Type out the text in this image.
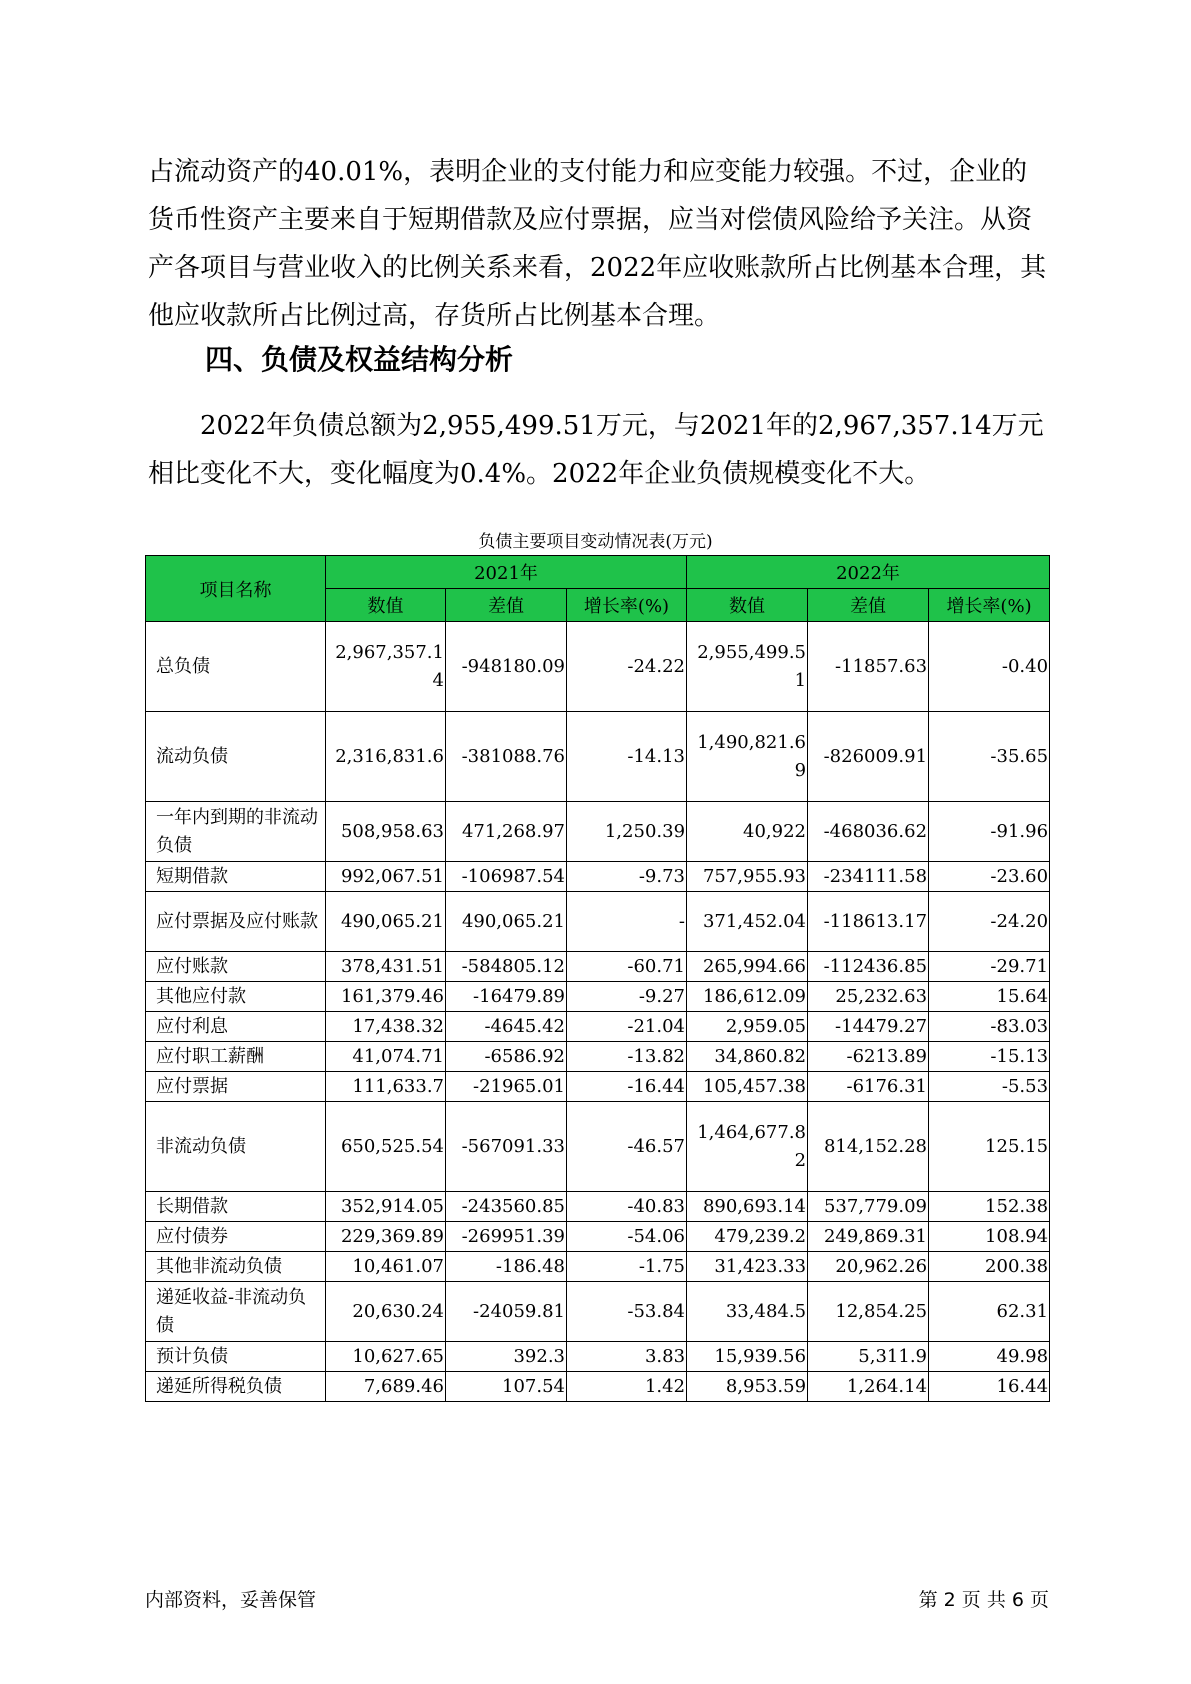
占流动资产的40.01%，表明企业的支付能力和应变能力较强。不过，企业的货币性资产主要来自于短期借款及应付票据，应当对偿债风险给予关注。从资产各项目与营业收入的比例关系来看，2022年应收账款所占比例基本合理，其他应收款所占比例过高，存货所占比例基本合理。

四、负债及权益结构分析

2022年负债总额为2,955,499.51万元，与2021年的2,967,357.14万元相比变化不大，变化幅度为0.4%。2022年企业负债规模变化不大。

负债主要项目变动情况表(万元)

项目名称	2021年			2022年		
	数值	差值	增长率(%)	数值	差值	增长率(%)
总负债	2,967,357.14	-948180.09	-24.22	2,955,499.51	-11857.63	-0.40
流动负债	2,316,831.6	-381088.76	-14.13	1,490,821.69	-826009.91	-35.65
一年内到期的非流动负债	508,958.63	471,268.97	1,250.39	40,922	-468036.62	-91.96
短期借款	992,067.51	-106987.54	-9.73	757,955.93	-234111.58	-23.60
应付票据及应付账款	490,065.21	490,065.21	-	371,452.04	-118613.17	-24.20
应付账款	378,431.51	-584805.12	-60.71	265,994.66	-112436.85	-29.71
其他应付款	161,379.46	-16479.89	-9.27	186,612.09	25,232.63	15.64
应付利息	17,438.32	-4645.42	-21.04	2,959.05	-14479.27	-83.03
应付职工薪酬	41,074.71	-6586.92	-13.82	34,860.82	-6213.89	-15.13
应付票据	111,633.7	-21965.01	-16.44	105,457.38	-6176.31	-5.53
非流动负债	650,525.54	-567091.33	-46.57	1,464,677.82	814,152.28	125.15
长期借款	352,914.05	-243560.85	-40.83	890,693.14	537,779.09	152.38
应付债券	229,369.89	-269951.39	-54.06	479,239.2	249,869.31	108.94
其他非流动负债	10,461.07	-186.48	-1.75	31,423.33	20,962.26	200.38
递延收益-非流动负债	20,630.24	-24059.81	-53.84	33,484.5	12,854.25	62.31
预计负债	10,627.65	392.3	3.83	15,939.56	5,311.9	49.98
递延所得税负债	7,689.46	107.54	1.42	8,953.59	1,264.14	16.44
内部资料，妥善保管	第 2 页 共 6 页
